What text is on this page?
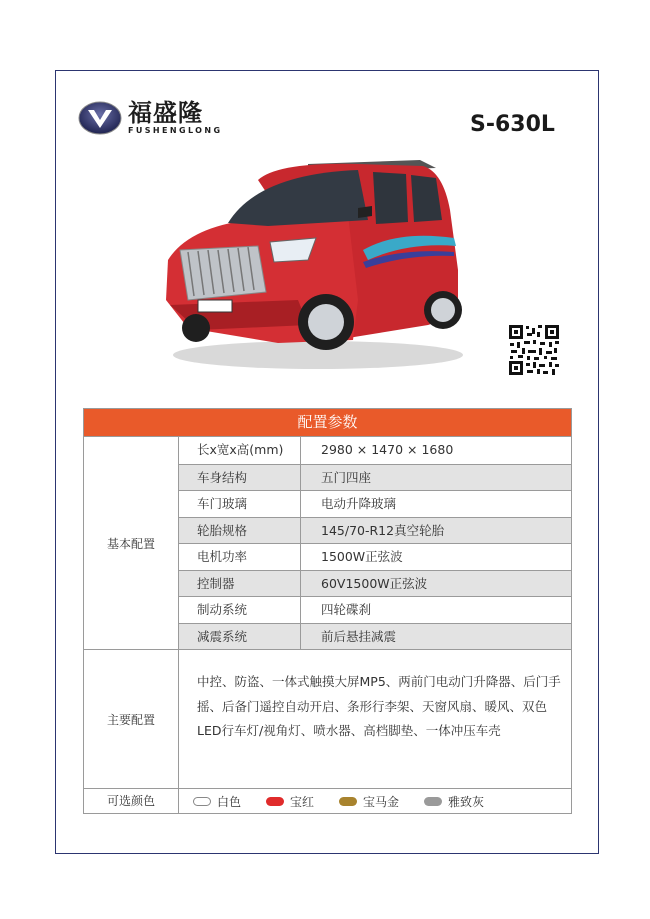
福盛隆
FUSHENGLONG	S-630L
配置参数
基本配置
长x宽x高(mm)	2980 × 1470 × 1680
车身结构	五门四座
车门玻璃	电动升降玻璃
轮胎规格	145/70-R12真空轮胎
电机功率	1500W正弦波
控制器	60V1500W正弦波
制动系统	四轮碟刹
减震系统	前后悬挂减震
主要配置
中控、防盗、一体式触摸大屏MP5、两前门电动门升降器、后门手摇、后备门遥控自动开启、条形行李架、天窗风扇、暖风、双色LED行车灯/视角灯、喷水器、高档脚垫、一体冲压车壳
可选颜色	白色	宝红	宝马金	雅致灰
